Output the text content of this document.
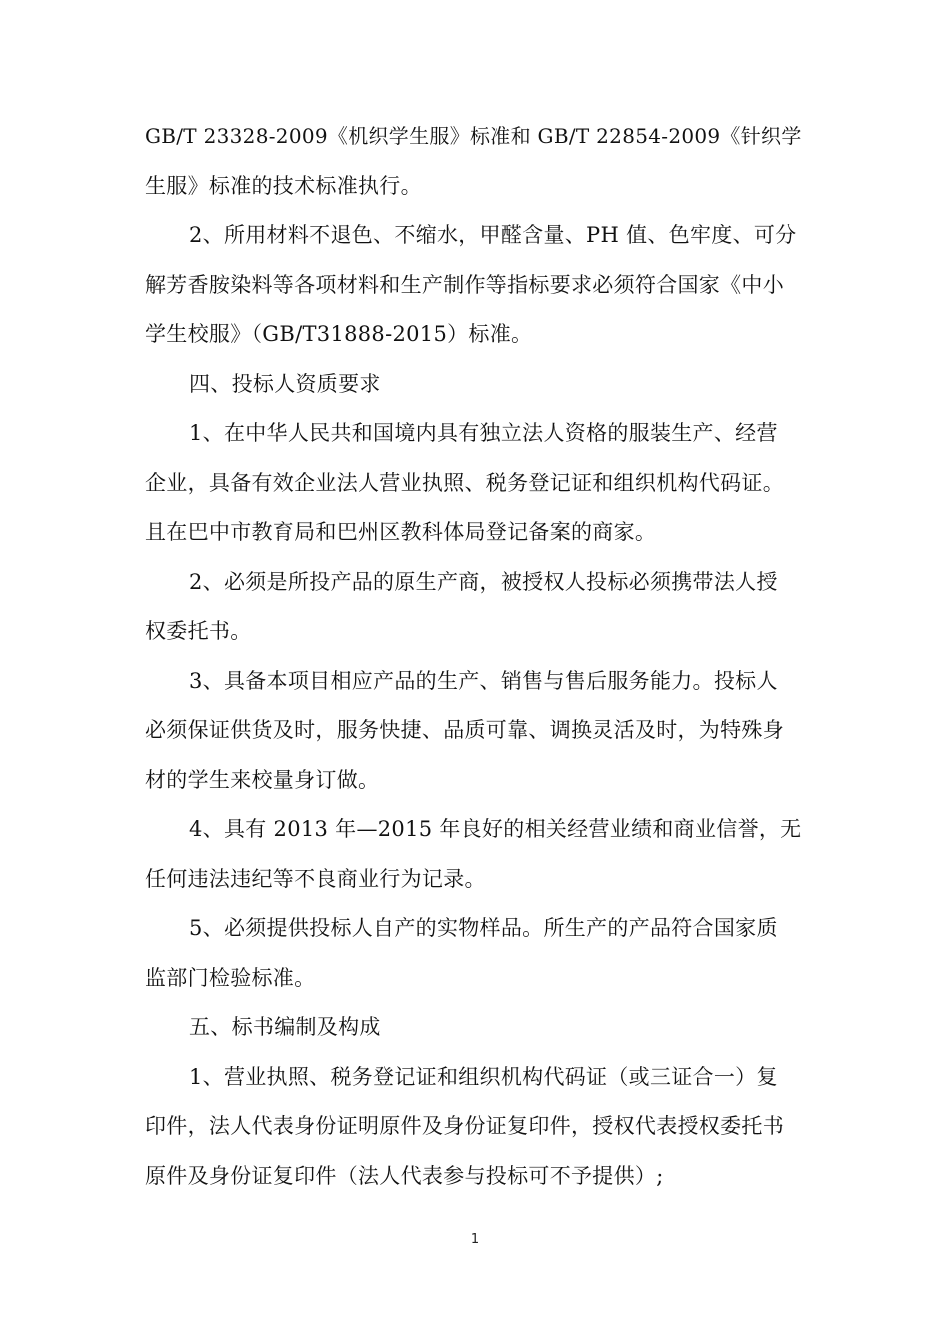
GB/T 23328-2009《机织学生服》标准和 GB/T 22854-2009《针织学
生服》标准的技术标准执行。
2、所用材料不退色、不缩水，甲醛含量、PH 值、色牢度、可分
解芳香胺染料等各项材料和生产制作等指标要求必须符合国家《中小
学生校服》（GB/T31888-2015）标准。
四、投标人资质要求
1、在中华人民共和国境内具有独立法人资格的服装生产、经营
企业，具备有效企业法人营业执照、税务登记证和组织机构代码证。
且在巴中市教育局和巴州区教科体局登记备案的商家。
2、必须是所投产品的原生产商，被授权人投标必须携带法人授
权委托书。
3、具备本项目相应产品的生产、销售与售后服务能力。投标人
必须保证供货及时，服务快捷、品质可靠、调换灵活及时，为特殊身
材的学生来校量身订做。
4、具有 2013 年—2015 年良好的相关经营业绩和商业信誉，无
任何违法违纪等不良商业行为记录。
5、必须提供投标人自产的实物样品。所生产的产品符合国家质
监部门检验标准。
五、标书编制及构成
1、营业执照、税务登记证和组织机构代码证（或三证合一）复
印件，法人代表身份证明原件及身份证复印件，授权代表授权委托书
原件及身份证复印件（法人代表参与投标可不予提供）;
1
